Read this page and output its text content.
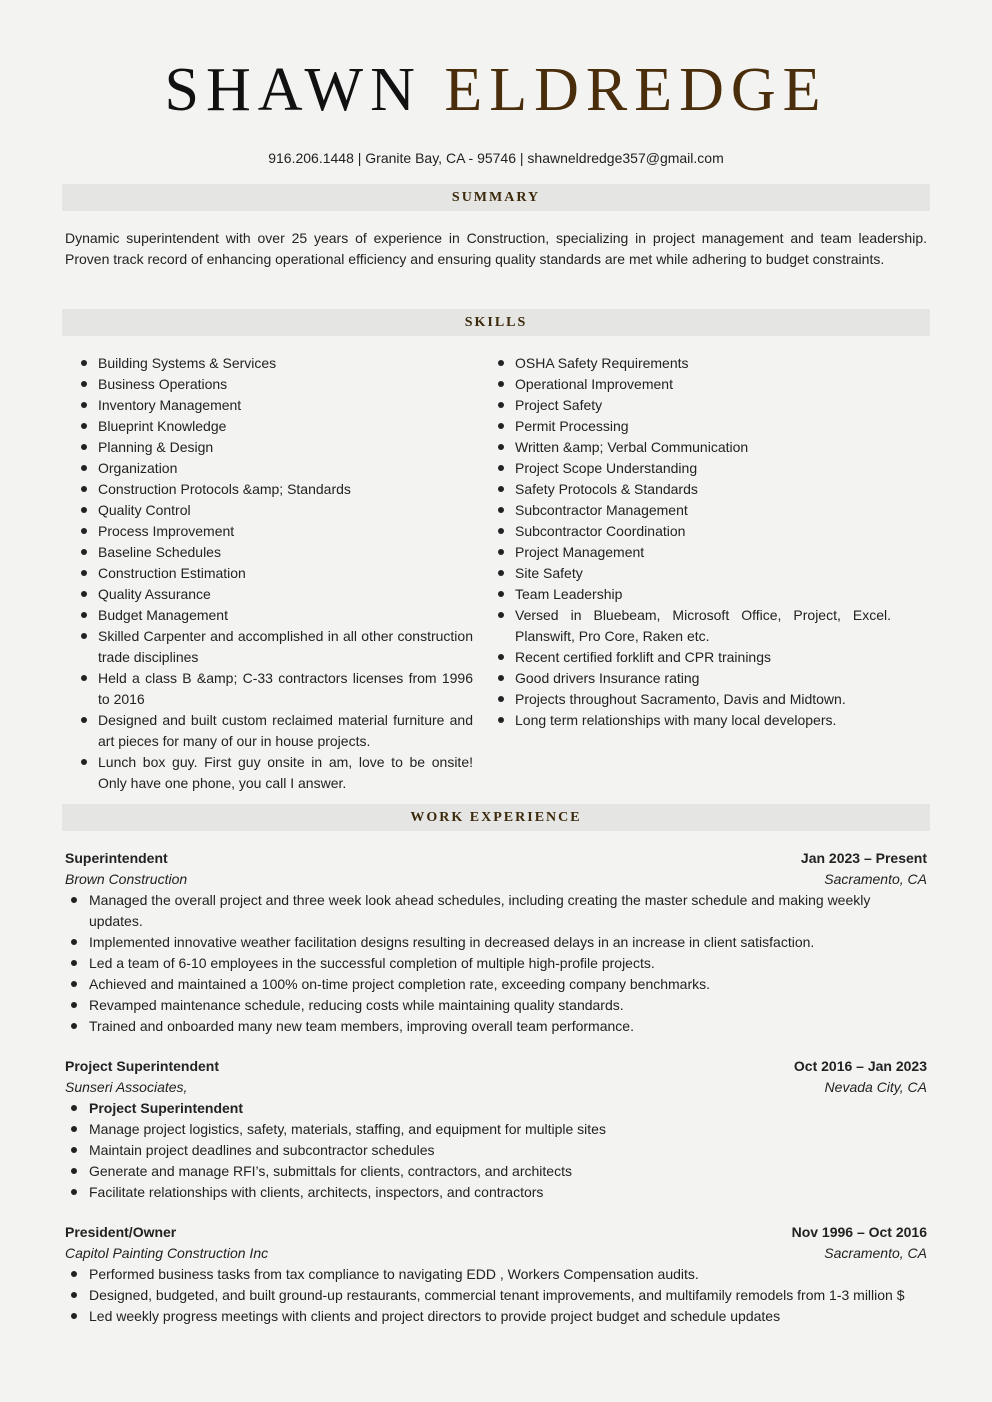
SHAWN ELDREDGE
916.206.1448 | Granite Bay, CA - 95746 | shawneldredge357@gmail.com
SUMMARY
Dynamic superintendent with over 25 years of experience in Construction, specializing in project management and team leadership. Proven track record of enhancing operational efficiency and ensuring quality standards are met while adhering to budget constraints.
SKILLS
Building Systems & Services
Business Operations
Inventory Management
Blueprint Knowledge
Planning & Design
Organization
Construction Protocols &amp; Standards
Quality Control
Process Improvement
Baseline Schedules
Construction Estimation
Quality Assurance
Budget Management
Skilled Carpenter and accomplished in all other construction trade disciplines
Held a class B &amp; C-33 contractors licenses from 1996 to 2016
Designed and built custom reclaimed material furniture and art pieces for many of our in house projects.
Lunch box guy. First guy onsite in am, love to be onsite! Only have one phone, you call I answer.
OSHA Safety Requirements
Operational Improvement
Project Safety
Permit Processing
Written &amp; Verbal Communication
Project Scope Understanding
Safety Protocols & Standards
Subcontractor Management
Subcontractor Coordination
Project Management
Site Safety
Team Leadership
Versed in Bluebeam, Microsoft Office, Project, Excel. Planswift, Pro Core, Raken etc.
Recent certified forklift and CPR trainings
Good drivers Insurance rating
Projects throughout Sacramento, Davis and Midtown.
Long term relationships with many local developers.
WORK EXPERIENCE
Superintendent	Jan 2023 – Present
Brown Construction	Sacramento, CA
Managed the overall project and three week look ahead schedules, including creating the master schedule and making weekly updates.
Implemented innovative weather facilitation designs resulting in decreased delays in an increase in client satisfaction.
Led a team of 6-10 employees in the successful completion of multiple high-profile projects.
Achieved and maintained a 100% on-time project completion rate, exceeding company benchmarks.
Revamped maintenance schedule, reducing costs while maintaining quality standards.
Trained and onboarded many new team members, improving overall team performance.
Project Superintendent	Oct 2016 – Jan 2023
Sunseri Associates,	Nevada City, CA
Project Superintendent
Manage project logistics, safety, materials, staffing, and equipment for multiple sites
Maintain project deadlines and subcontractor schedules
Generate and manage RFI’s, submittals for clients, contractors, and architects
Facilitate relationships with clients, architects, inspectors, and contractors
President/Owner	Nov 1996 – Oct 2016
Capitol Painting Construction Inc	Sacramento, CA
Performed business tasks from tax compliance to navigating EDD , Workers Compensation audits.
Designed, budgeted, and built ground-up restaurants, commercial tenant improvements, and multifamily remodels from 1-3 million $
Led weekly progress meetings with clients and project directors to provide project budget and schedule updates
